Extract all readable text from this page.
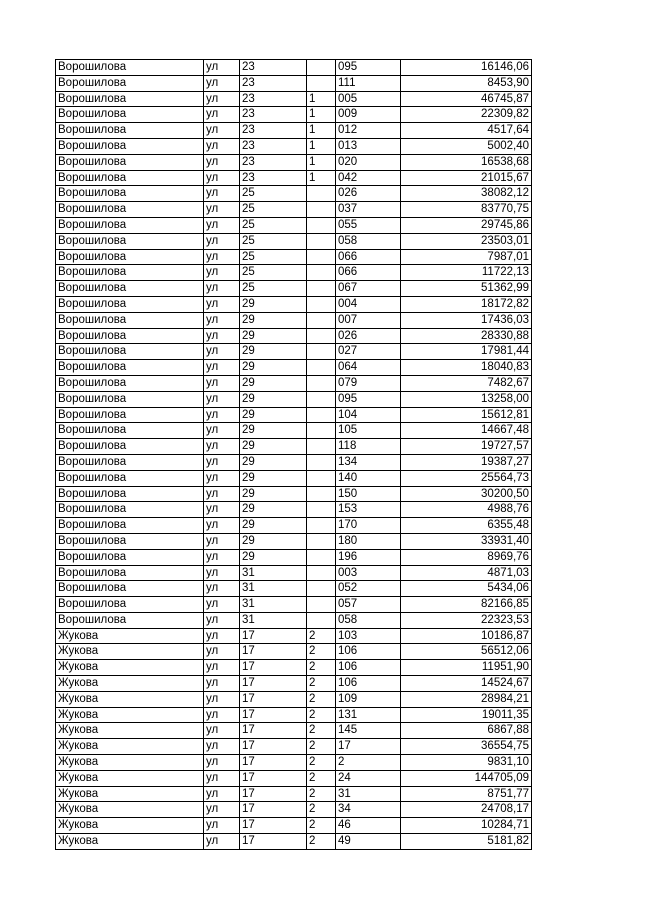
Ворошилова	ул	23		095	16146,06
Ворошилова	ул	23		111	8453,90
Ворошилова	ул	23	1	005	46745,87
Ворошилова	ул	23	1	009	22309,82
Ворошилова	ул	23	1	012	4517,64
Ворошилова	ул	23	1	013	5002,40
Ворошилова	ул	23	1	020	16538,68
Ворошилова	ул	23	1	042	21015,67
Ворошилова	ул	25		026	38082,12
Ворошилова	ул	25		037	83770,75
Ворошилова	ул	25		055	29745,86
Ворошилова	ул	25		058	23503,01
Ворошилова	ул	25		066	7987,01
Ворошилова	ул	25		066	11722,13
Ворошилова	ул	25		067	51362,99
Ворошилова	ул	29		004	18172,82
Ворошилова	ул	29		007	17436,03
Ворошилова	ул	29		026	28330,88
Ворошилова	ул	29		027	17981,44
Ворошилова	ул	29		064	18040,83
Ворошилова	ул	29		079	7482,67
Ворошилова	ул	29		095	13258,00
Ворошилова	ул	29		104	15612,81
Ворошилова	ул	29		105	14667,48
Ворошилова	ул	29		118	19727,57
Ворошилова	ул	29		134	19387,27
Ворошилова	ул	29		140	25564,73
Ворошилова	ул	29		150	30200,50
Ворошилова	ул	29		153	4988,76
Ворошилова	ул	29		170	6355,48
Ворошилова	ул	29		180	33931,40
Ворошилова	ул	29		196	8969,76
Ворошилова	ул	31		003	4871,03
Ворошилова	ул	31		052	5434,06
Ворошилова	ул	31		057	82166,85
Ворошилова	ул	31		058	22323,53
Жукова	ул	17	2	103	10186,87
Жукова	ул	17	2	106	56512,06
Жукова	ул	17	2	106	11951,90
Жукова	ул	17	2	106	14524,67
Жукова	ул	17	2	109	28984,21
Жукова	ул	17	2	131	19011,35
Жукова	ул	17	2	145	6867,88
Жукова	ул	17	2	17	36554,75
Жукова	ул	17	2	2	9831,10
Жукова	ул	17	2	24	144705,09
Жукова	ул	17	2	31	8751,77
Жукова	ул	17	2	34	24708,17
Жукова	ул	17	2	46	10284,71
Жукова	ул	17	2	49	5181,82
